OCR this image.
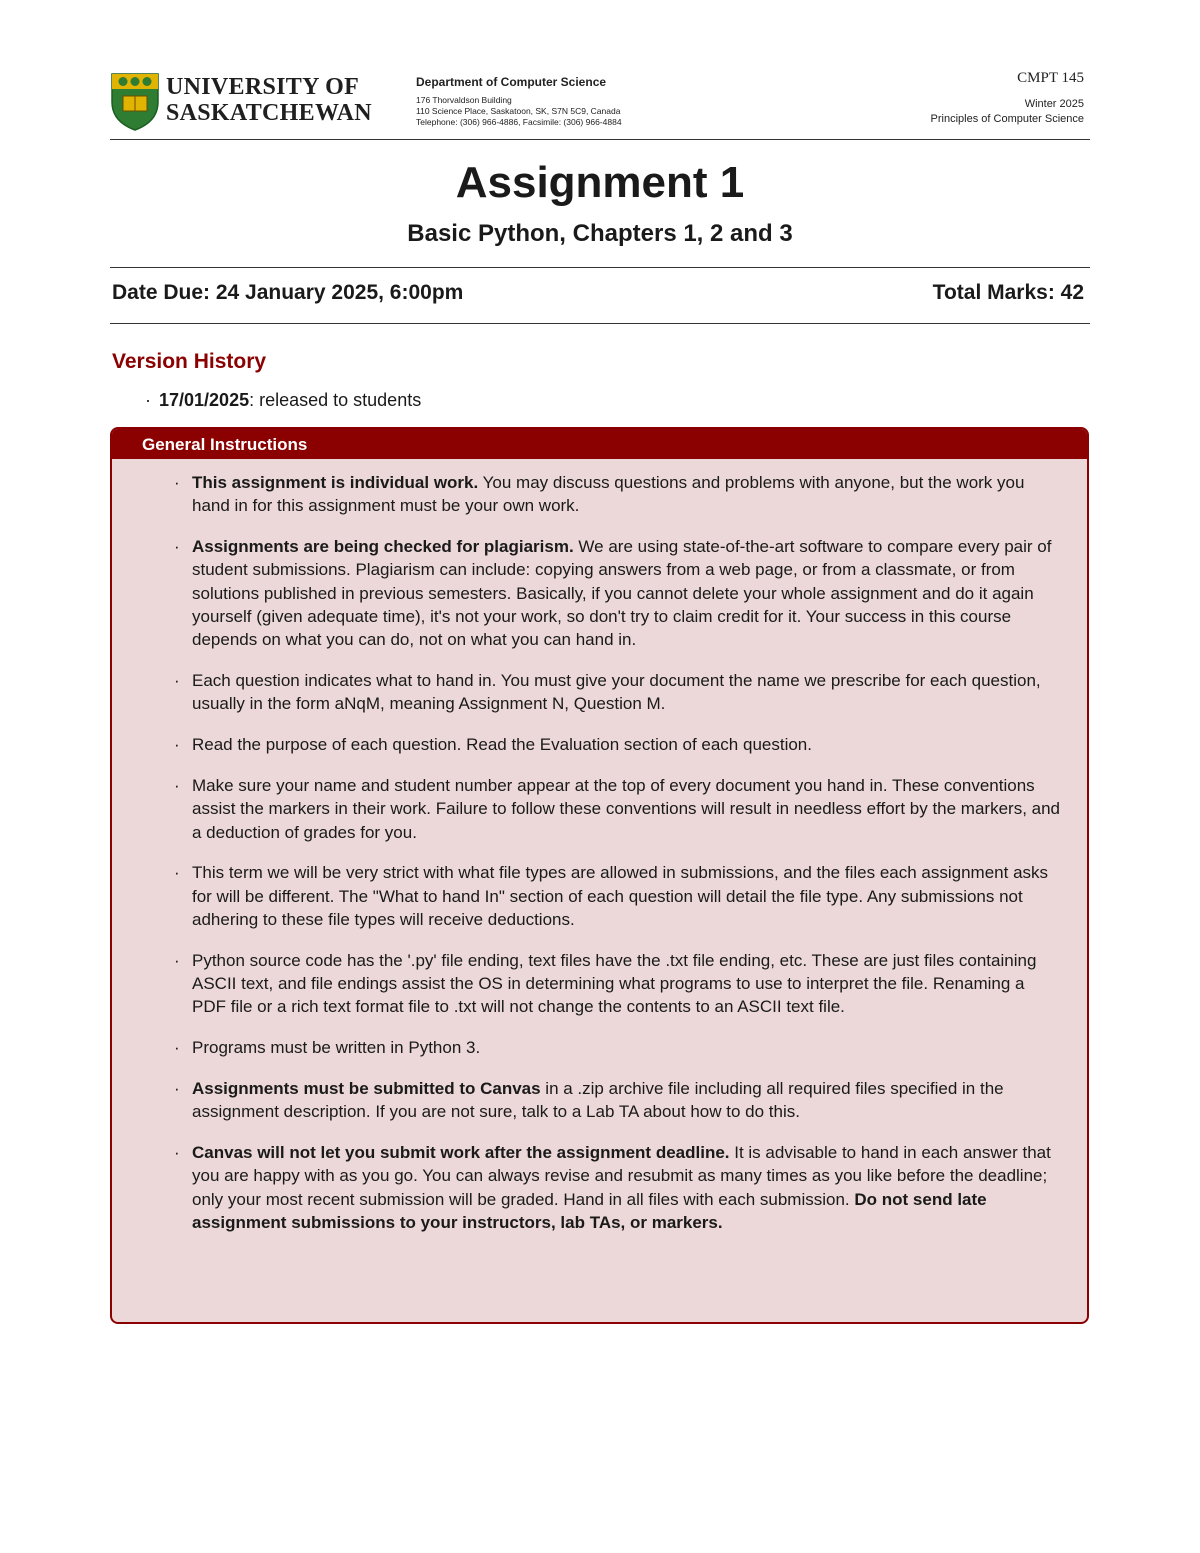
UNIVERSITY OF
SASKATCHEWAN
Department of Computer Science
176 Thorvaldson Building
110 Science Place, Saskatoon, SK, S7N 5C9, Canada
Telephone: (306) 966-4886, Facsimile: (306) 966-4884
CMPT 145
Winter 2025
Principles of Computer Science
Assignment 1
Basic Python, Chapters 1, 2 and 3
Date Due: 24 January 2025, 6:00pm	Total Marks: 42
Version History
· 17/01/2025: released to students
General Instructions
· This assignment is individual work. You may discuss questions and problems with anyone, but the work you hand in for this assignment must be your own work.
· Assignments are being checked for plagiarism. We are using state-of-the-art software to compare every pair of student submissions. Plagiarism can include: copying answers from a web page, or from a classmate, or from solutions published in previous semesters. Basically, if you cannot delete your whole assignment and do it again yourself (given adequate time), it's not your work, so don't try to claim credit for it. Your success in this course depends on what you can do, not on what you can hand in.
· Each question indicates what to hand in. You must give your document the name we prescribe for each question, usually in the form aNqM, meaning Assignment N, Question M.
· Read the purpose of each question. Read the Evaluation section of each question.
· Make sure your name and student number appear at the top of every document you hand in. These conventions assist the markers in their work. Failure to follow these conventions will result in needless effort by the markers, and a deduction of grades for you.
· This term we will be very strict with what file types are allowed in submissions, and the files each assignment asks for will be different. The "What to hand In" section of each question will detail the file type. Any submissions not adhering to these file types will receive deductions.
· Python source code has the '.py' file ending, text files have the .txt file ending, etc. These are just files containing ASCII text, and file endings assist the OS in determining what programs to use to interpret the file. Renaming a PDF file or a rich text format file to .txt will not change the contents to an ASCII text file.
· Programs must be written in Python 3.
· Assignments must be submitted to Canvas in a .zip archive file including all required files specified in the assignment description. If you are not sure, talk to a Lab TA about how to do this.
· Canvas will not let you submit work after the assignment deadline. It is advisable to hand in each answer that you are happy with as you go. You can always revise and resubmit as many times as you like before the deadline; only your most recent submission will be graded. Hand in all files with each submission. Do not send late assignment submissions to your instructors, lab TAs, or markers.
